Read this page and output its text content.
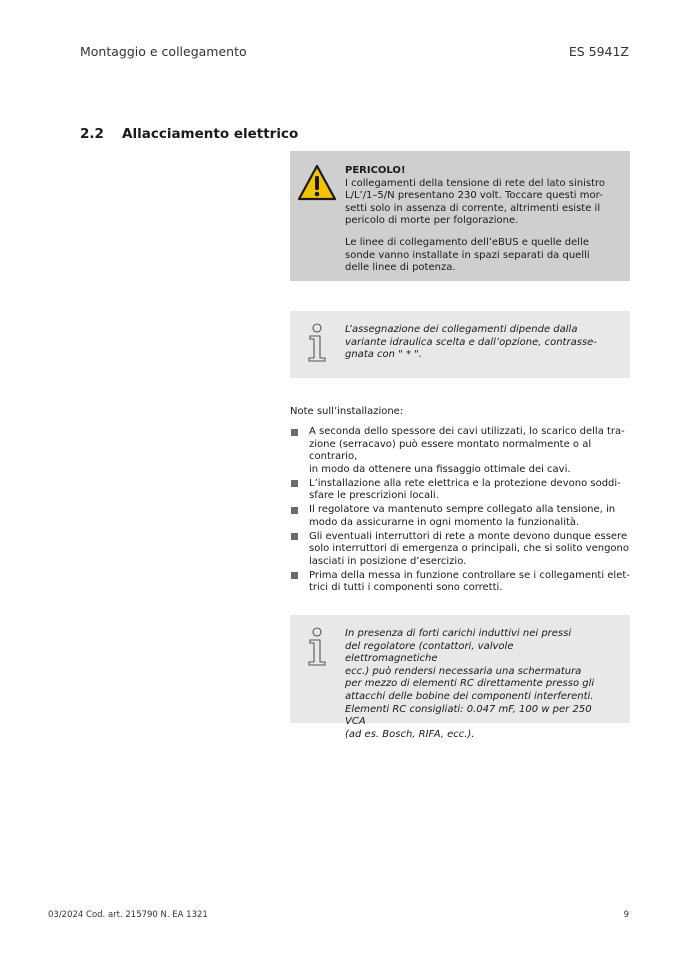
Montaggio e collegamento	ES 5941Z
2.2 Allacciamento elettrico
PERICOLO!
I collegamenti della tensione di rete del lato sinistro
L/L’/1–5/N presentano 230 volt. Toccare questi mor-
setti solo in assenza di corrente, altrimenti esiste il
pericolo di morte per folgorazione.
Le linee di collegamento dell’eBUS e quelle delle
sonde vanno installate in spazi separati da quelli
delle linee di potenza.
L’assegnazione dei collegamenti dipende dalla
variante idraulica scelta e dall’opzione, contrasse-
gnata con " * ".
Note sull’installazione:
A seconda dello spessore dei cavi utilizzati, lo scarico della tra-
zione (serracavo) può essere montato normalmente o al contrario,
in modo da ottenere una fissaggio ottimale dei cavi.
L’installazione alla rete elettrica e la protezione devono soddi-
sfare le prescrizioni locali.
Il regolatore va mantenuto sempre collegato alla tensione, in
modo da assicurarne in ogni momento la funzionalità.
Gli eventuali interruttori di rete a monte devono dunque essere
solo interruttori di emergenza o principali, che si solito vengono
lasciati in posizione d’esercizio.
Prima della messa in funzione controllare se i collegamenti elet-
trici di tutti i componenti sono corretti.
In presenza di forti carichi induttivi nei pressi
del regolatore (contattori, valvole elettromagnetiche
ecc.) può rendersi necessaria una schermatura
per mezzo di elementi RC direttamente presso gli
attacchi delle bobine dei componenti interferenti.
Elementi RC consigliati: 0.047 mF, 100 w per 250 VCA
(ad es. Bosch, RIFA, ecc.).
03/2024 Cod. art. 215790 N. EA 1321	9
